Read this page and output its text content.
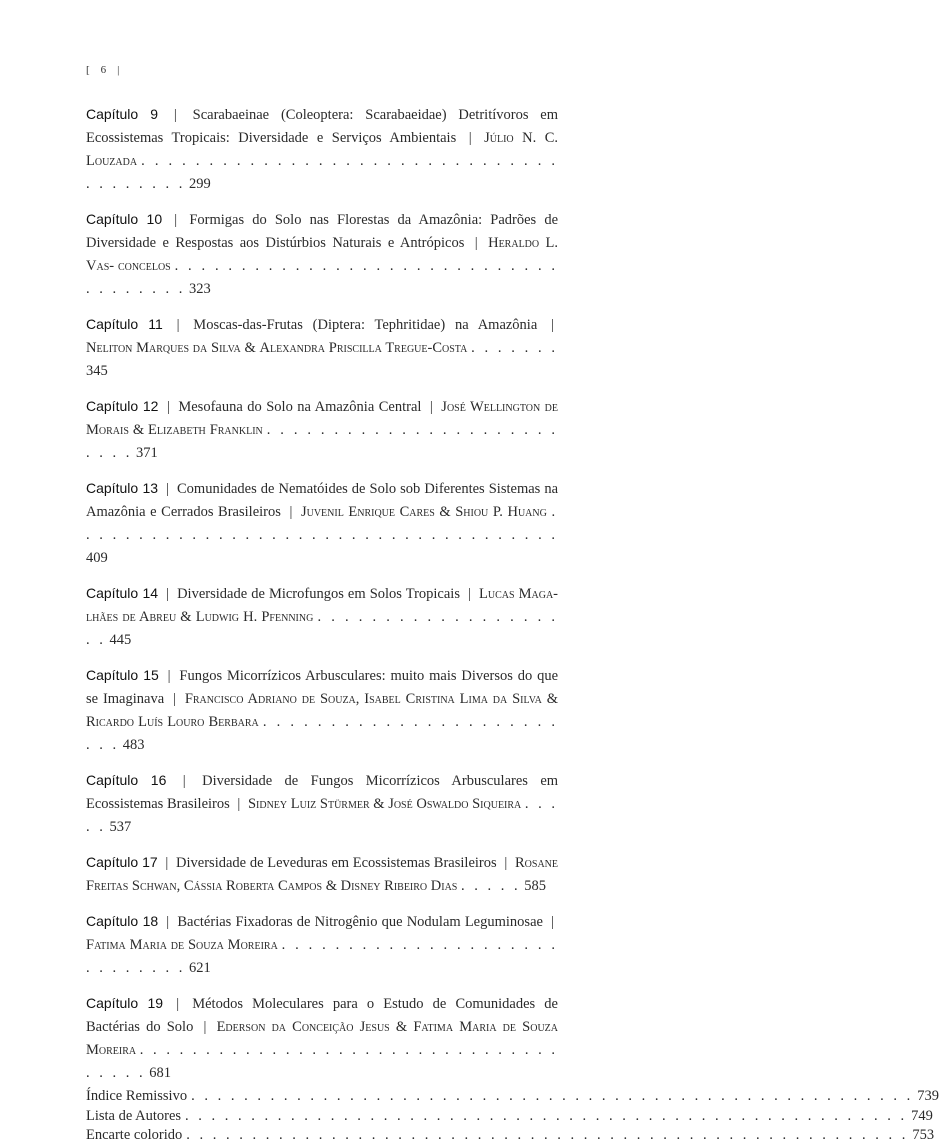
[ 6 |
Capítulo 9 | Scarabaeinae (Coleoptera: Scarabaeidae) Detritívoros em Ecossistemas Tropicais: Diversidade e Serviços Ambientais | Júlio N. C. Louzada . . . . . . . . . . . . . . . . . . . . . . . . . . . . . . . . . . . . . . . 299
Capítulo 10 | Formigas do Solo nas Florestas da Amazônia: Padrões de Diversidade e Respostas aos Distúrbios Naturais e Antrópicos | Heraldo L. Vas- concelos . . . . . . . . . . . . . . . . . . . . . . . . . . . . . . . . . . . . . 323
Capítulo 11 | Moscas-das-Frutas (Diptera: Tephritidae) na Amazônia | Neliton Marques da Silva & Alexandra Priscilla Tregue-Costa . . . . . . . 345
Capítulo 12 | Mesofauna do Solo na Amazônia Central | José Wellington de Morais & Elizabeth Franklin . . . . . . . . . . . . . . . . . . . . . . . . . . 371
Capítulo 13 | Comunidades de Nematóides de Solo sob Diferentes Sistemas na Amazônia e Cerrados Brasileiros | Juvenil Enrique Cares & Shiou P. Huang . . . . . . . . . . . . . . . . . . . . . . . . . . . . . . . . . . . . . 409
Capítulo 14 | Diversidade de Microfungos em Solos Tropicais | Lucas Maga- lhães de Abreu & Ludwig H. Pfenning . . . . . . . . . . . . . . . . . . . . 445
Capítulo 15 | Fungos Micorrízicos Arbusculares: muito mais Diversos do que se Imaginava | Francisco Adriano de Souza, Isabel Cristina Lima da Silva & Ricardo Luís Louro Berbara . . . . . . . . . . . . . . . . . . . . . . . . . 483
Capítulo 16 | Diversidade de Fungos Micorrízicos Arbusculares em Ecossistemas Brasileiros | Sidney Luiz Stürmer & José Oswaldo Siqueira . . . . . 537
Capítulo 17 | Diversidade de Leveduras em Ecossistemas Brasileiros | Rosane Freitas Schwan, Cássia Roberta Campos & Disney Ribeiro Dias . . . . . 585
Capítulo 18 | Bactérias Fixadoras de Nitrogênio que Nodulam Leguminosae | Fatima Maria de Souza Moreira . . . . . . . . . . . . . . . . . . . . . . . . . . . . . 621
Capítulo 19 | Métodos Moleculares para o Estudo de Comunidades de Bactérias do Solo | Ederson da Conceição Jesus & Fatima Maria de Souza Moreira . . . . . . . . . . . . . . . . . . . . . . . . . . . . . . . . . . . . . 681
Índice Remissivo . . . . . . . . . . . . . . . . . . . . . . . . . . . . . . . . . . . . . . . . . . . . . . . . . . . . . . . 739
Lista de Autores . . . . . . . . . . . . . . . . . . . . . . . . . . . . . . . . . . . . . . . . . . . . . . . . . . . . . . . 749
Encarte colorido . . . . . . . . . . . . . . . . . . . . . . . . . . . . . . . . . . . . . . . . . . . . . . . . . . . . . . . 753
